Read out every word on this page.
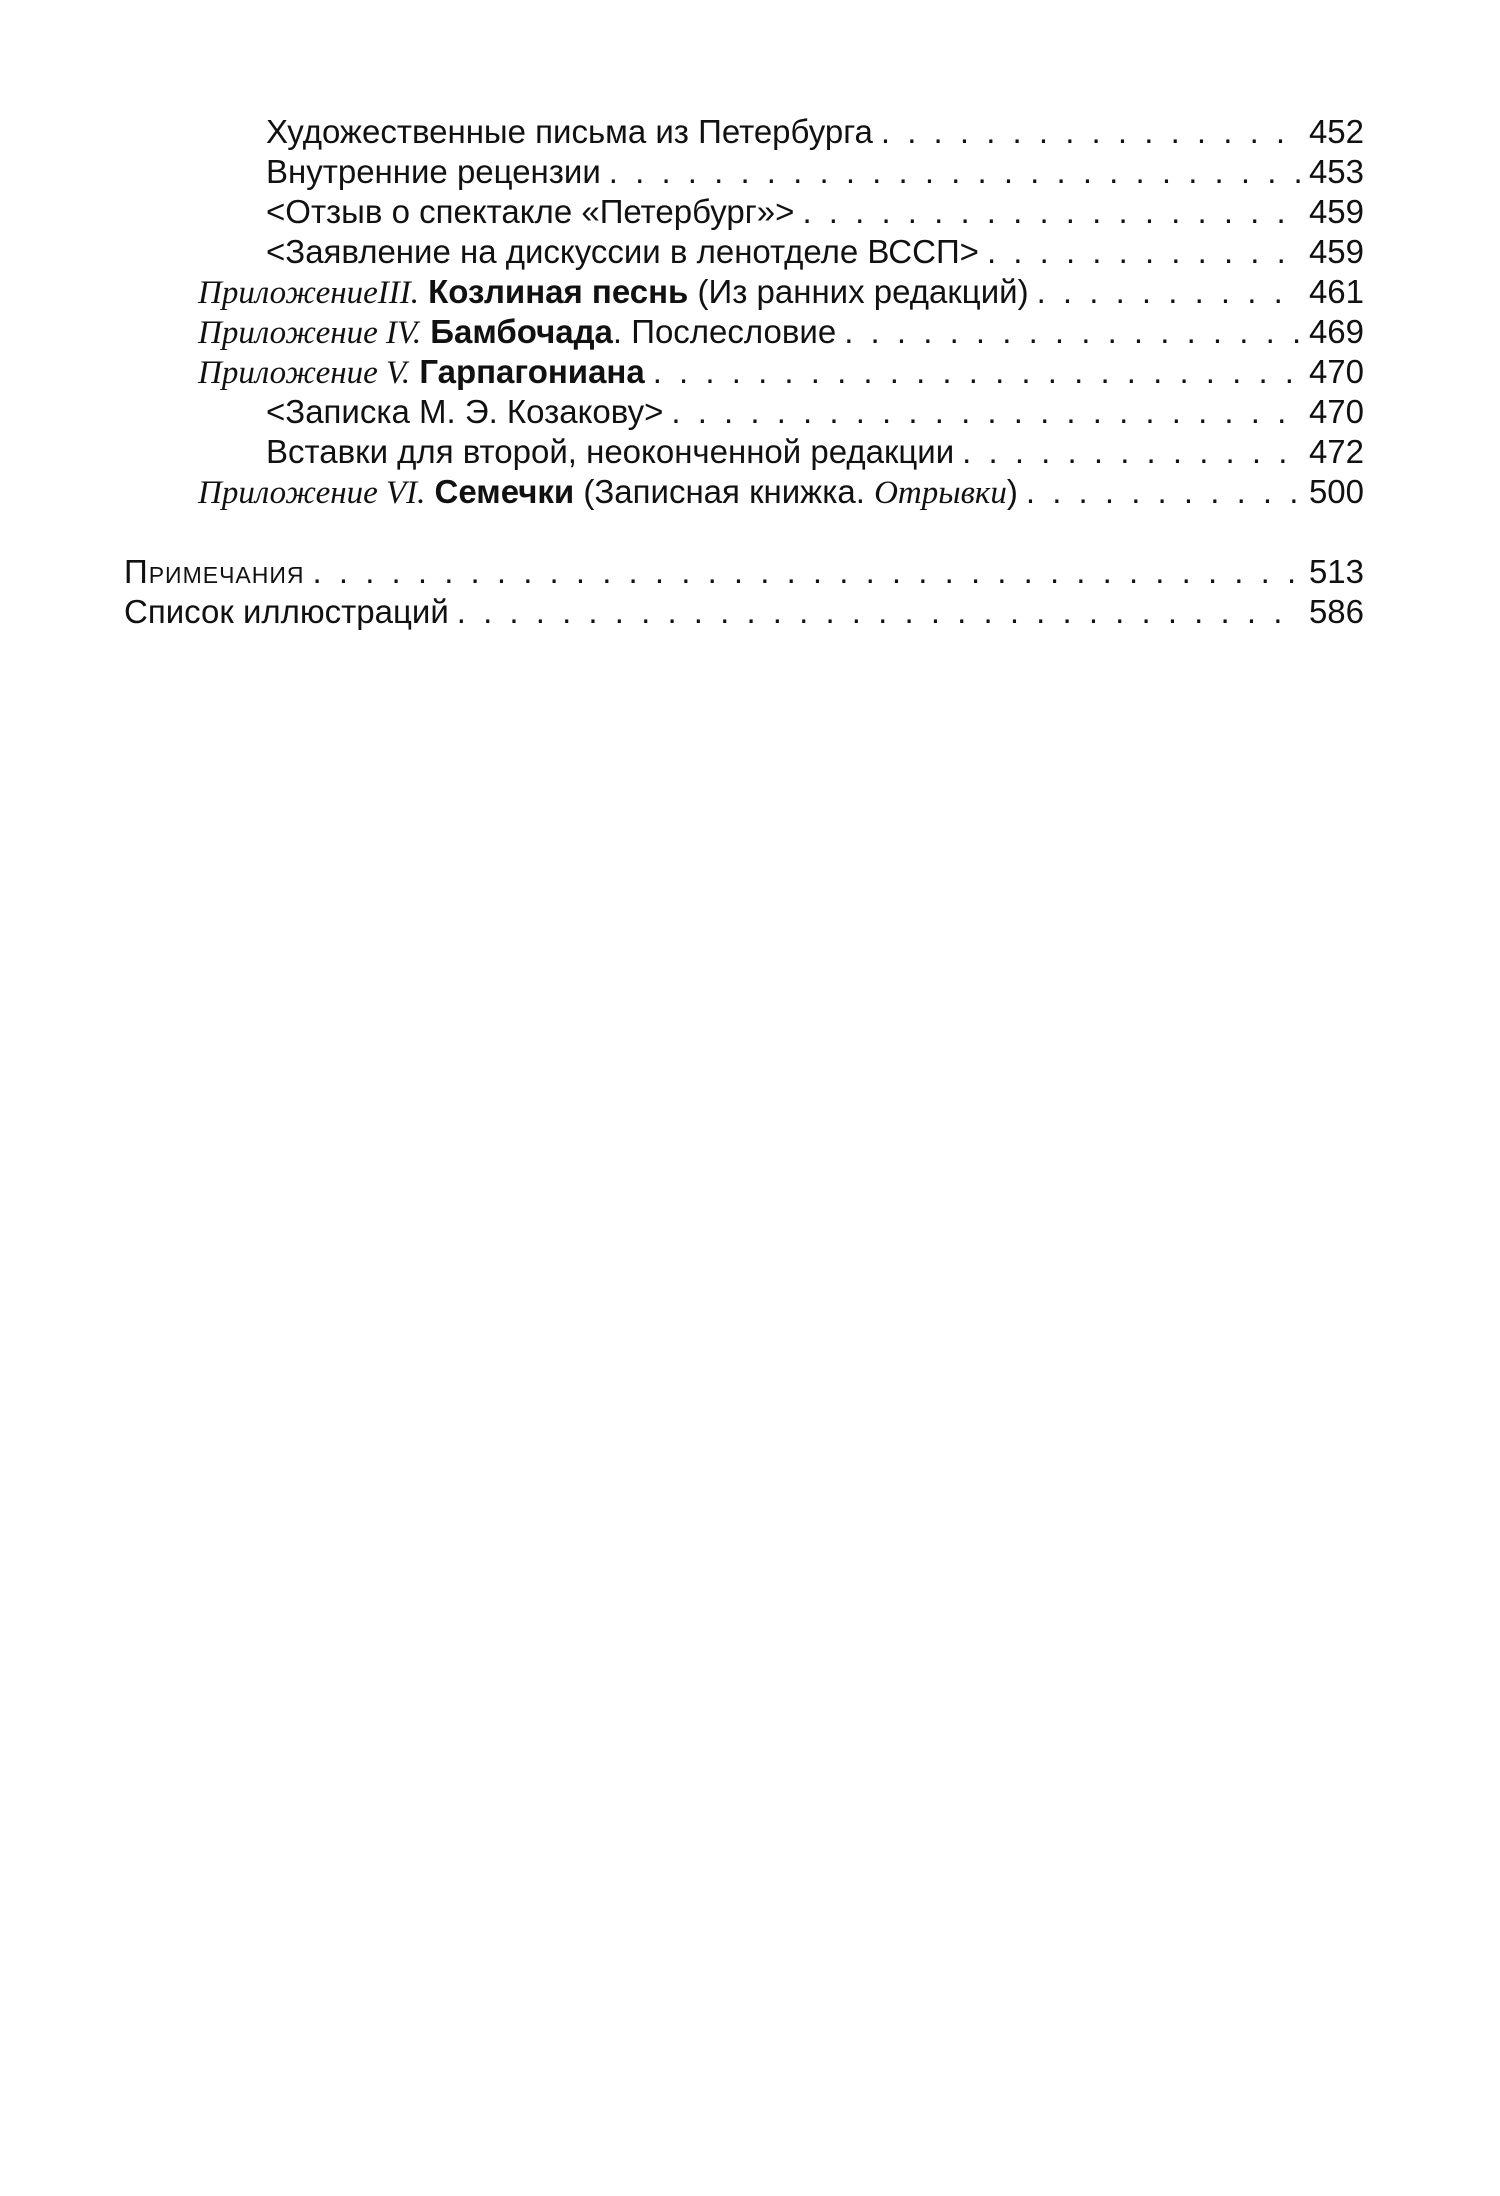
Художественные письма из Петербурга . . .	452
Внутренние рецензии . . .	453
<Отзыв о спектакле «Петербург»> . . .	459
<Заявление на дискуссии в ленотделе ВССП> . . .	459
ПриложениеIII. Козлиная песнь (Из ранних редакций) . . .	461
Приложение IV. Бамбочада. Послесловие . . .	469
Приложение V. Гарпагониана . . .	470
<Записка М. Э. Козакову> . . .	470
Вставки для второй, неоконченной редакции . . .	472
Приложение VI. Семечки (Записная книжка. Отрывки) . . .	500
Примечания . . .	513
Список иллюстраций . . .	586
